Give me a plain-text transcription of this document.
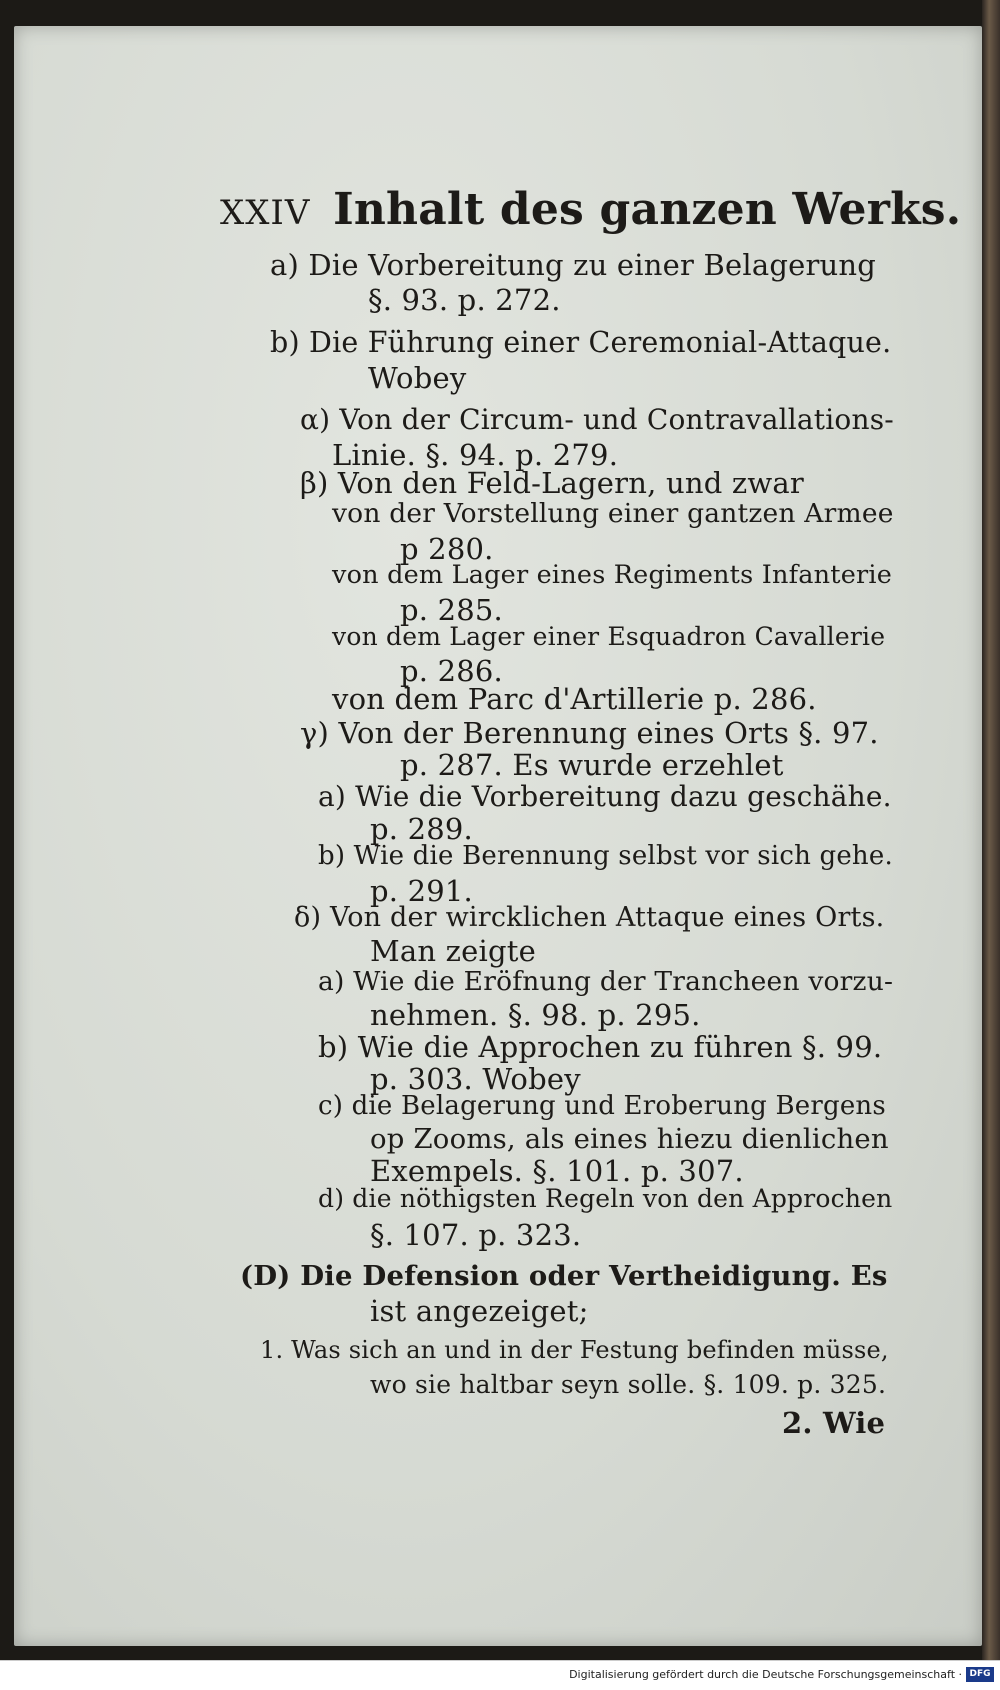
XXIV Inhalt des ganzen Werks.
a) Die Vorbereitung zu einer Belagerung
§. 93. p. 272.
b) Die Führung einer Ceremonial-Attaque.
Wobey
α) Von der Circum- und Contravallations-
Linie. §. 94. p. 279.
β) Von den Feld-Lagern, und zwar
von der Vorstellung einer gantzen Armee
p 280.
von dem Lager eines Regiments Infanterie
p. 285.
von dem Lager einer Esquadron Cavallerie
p. 286.
von dem Parc d'Artillerie p. 286.
γ) Von der Berennung eines Orts §. 97.
p. 287. Es wurde erzehlet
a) Wie die Vorbereitung dazu geschähe.
p. 289.
b) Wie die Berennung selbst vor sich gehe.
p. 291.
δ) Von der wircklichen Attaque eines Orts.
Man zeigte
a) Wie die Eröfnung der Trancheen vorzu-
nehmen. §. 98. p. 295.
b) Wie die Approchen zu führen §. 99.
p. 303. Wobey
c) die Belagerung und Eroberung Bergens
op Zooms, als eines hiezu dienlichen
Exempels. §. 101. p. 307.
d) die nöthigsten Regeln von den Approchen
§. 107. p. 323.
(D) Die Defension oder Vertheidigung. Es
ist angezeiget;
1. Was sich an und in der Festung befinden müsse,
wo sie haltbar seyn solle. §. 109. p. 325.
2. Wie
Digitalisierung gefördert durch die Deutsche Forschungsgemeinschaft · DFG
